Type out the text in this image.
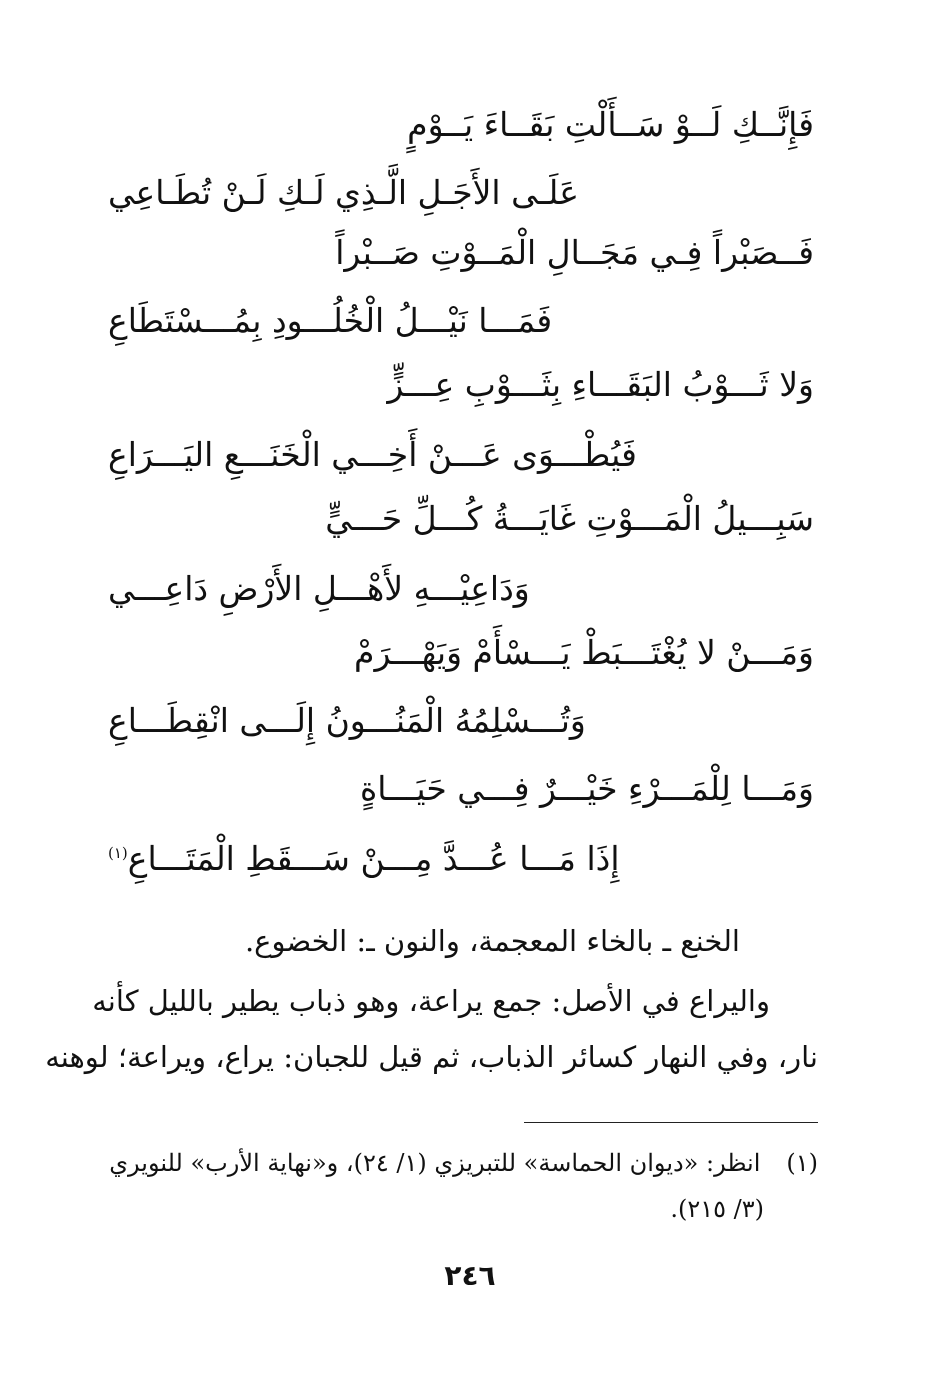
فَإِنَّــكِ لَــوْ سَــأَلْتِ بَقَــاءَ يَــوْمٍ
عَلَـى الأَجَـلِ الَّـذِي لَـكِ لَـنْ تُطَـاعِي
فَــصَبْراً فِـي مَجَــالِ الْمَــوْتِ صَــبْراً
فَمَـــا نَيْـــلُ الْخُلُـــودِ بِمُـــسْتَطَاعِ
وَلا ثَـــوْبُ البَقَـــاءِ بِثَـــوْبِ عِـــزٍّ
فَيُطْـــوَى عَـــنْ أَخِـــي الْخَنَـــعِ اليَـــرَاعِ
سَبِـــيلُ الْمَـــوْتِ غَايَـــةُ كُـــلِّ حَـــيٍّ
وَدَاعِيْـــهِ لأَهْـــلِ الأَرْضِ دَاعِـــي
وَمَـــنْ لا يُغْتَـــبَطْ يَـــسْأَمْ وَيَهْـــرَمْ
وَتُـــسْلِمُهُ الْمَنُـــونُ إِلَـــى انْقِطَـــاعِ
وَمَـــا لِلْمَـــرْءِ خَيْـــرٌ فِـــي حَيَـــاةٍ
إِذَا مَـــا عُـــدَّ مِـــنْ سَـــقَطِ الْمَتَـــاعِ$^{(١)}$
الخنع ـ بالخاء المعجمة، والنون ـ: الخضوع.
واليراع في الأصل: جمع يراعة، وهو ذباب يطير بالليل كأنه
نار، وفي النهار كسائر الذباب، ثم قيل للجبان: يراع، ويراعة؛ لوهنه
(١)انظر: «ديوان الحماسة» للتبريزي (١/ ٢٤)، و«نهاية الأرب» للنويري
(٣/ ٢١٥).
٢٤٦
